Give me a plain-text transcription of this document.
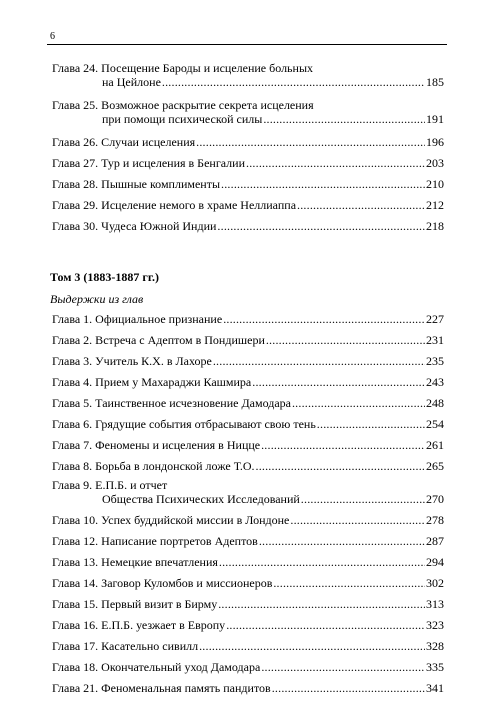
6
Глава 24. Посещение Бароды и исцеление больных
на Цейлоне .....	185
Глава 25. Возможное раскрытие секрета исцеления
при помощи психической силы .....	191
Глава 26. Случаи исцеления .....	196
Глава 27. Тур и исцеления в Бенгалии .....	203
Глава 28. Пышные комплименты .....	210
Глава 29. Исцеление немого в храме Неллиаппа .....	212
Глава 30. Чудеса Южной Индии .....	218
Том 3 (1883-1887 гг.)
Выдержки из глав
Глава 1. Официальное признание .....	227
Глава 2. Встреча с Адептом в Пондишери .....	231
Глава 3. Учитель К.Х. в Лахоре .....	235
Глава 4. Прием у Махараджи Кашмира .....	243
Глава 5. Таинственное исчезновение Дамодара .....	248
Глава 6. Грядущие события отбрасывают свою тень .....	254
Глава 7. Феномены и исцеления в Ницце .....	261
Глава 8. Борьба в лондонской ложе Т.О. .....	265
Глава 9. Е.П.Б. и отчет
Общества Психических Исследований .....	270
Глава 10. Успех буддийской миссии в Лондоне .....	278
Глава 12. Написание портретов Адептов .....	287
Глава 13. Немецкие впечатления .....	294
Глава 14. Заговор Куломбов и миссионеров .....	302
Глава 15. Первый визит в Бирму .....	313
Глава 16. Е.П.Б. уезжает в Европу .....	323
Глава 17. Касательно сивилл .....	328
Глава 18. Окончательный уход Дамодара .....	335
Глава 21. Феноменальная память пандитов .....	341
